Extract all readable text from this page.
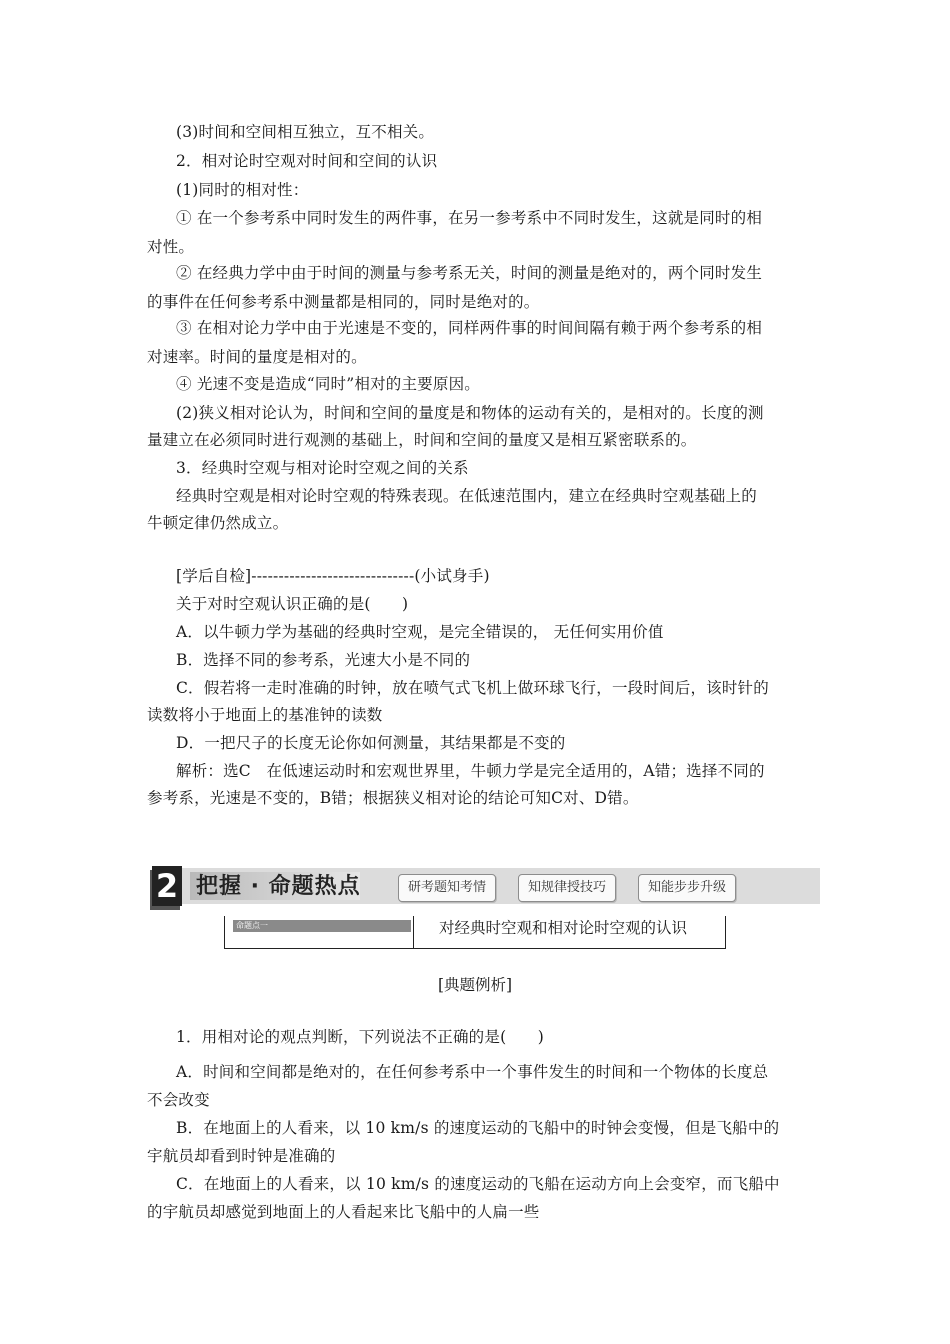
(3)时间和空间相互独立，互不相关。
2．相对论时空观对时间和空间的认识
(1)同时的相对性：
① 在一个参考系中同时发生的两件事，在另一参考系中不同时发生，这就是同时的相
对性。
② 在经典力学中由于时间的测量与参考系无关，时间的测量是绝对的，两个同时发生
的事件在任何参考系中测量都是相同的，同时是绝对的。
③ 在相对论力学中由于光速是不变的，同样两件事的时间间隔有赖于两个参考系的相
对速率。时间的量度是相对的。
④ 光速不变是造成“同时”相对的主要原因。
(2)狭义相对论认为，时间和空间的量度是和物体的运动有关的，是相对的。长度的测
量建立在必须同时进行观测的基础上，时间和空间的量度又是相互紧密联系的。
3．经典时空观与相对论时空观之间的关系
经典时空观是相对论时空观的特殊表现。在低速范围内，建立在经典时空观基础上的
牛顿定律仍然成立。
[学后自检]------------------------------(小试身手)
关于对时空观认识正确的是(　　)
A．以牛顿力学为基础的经典时空观，是完全错误的， 无任何实用价值
B．选择不同的参考系，光速大小是不同的
C．假若将一走时准确的时钟，放在喷气式飞机上做环球飞行，一段时间后，该时针的
读数将小于地面上的基准钟的读数
D．一把尺子的长度无论你如何测量，其结果都是不变的
解析：选C　在低速运动时和宏观世界里，牛顿力学是完全适用的，A错；选择不同的
参考系，光速是不变的，B错；根据狭义相对论的结论可知C对、D错。
2 把握 · 命题热点	研考题知考情	知规律授技巧	知能步步升级
命题点一	对经典时空观和相对论时空观的认识
[典题例析]
1．用相对论的观点判断，下列说法不正确的是(　　)
A．时间和空间都是绝对的，在任何参考系中一个事件发生的时间和一个物体的长度总
不会改变
B．在地面上的人看来，以 10 km/s 的速度运动的飞船中的时钟会变慢，但是飞船中的
宇航员却看到时钟是准确的
C．在地面上的人看来，以 10 km/s 的速度运动的飞船在运动方向上会变窄，而飞船中
的宇航员却感觉到地面上的人看起来比飞船中的人扁一些
